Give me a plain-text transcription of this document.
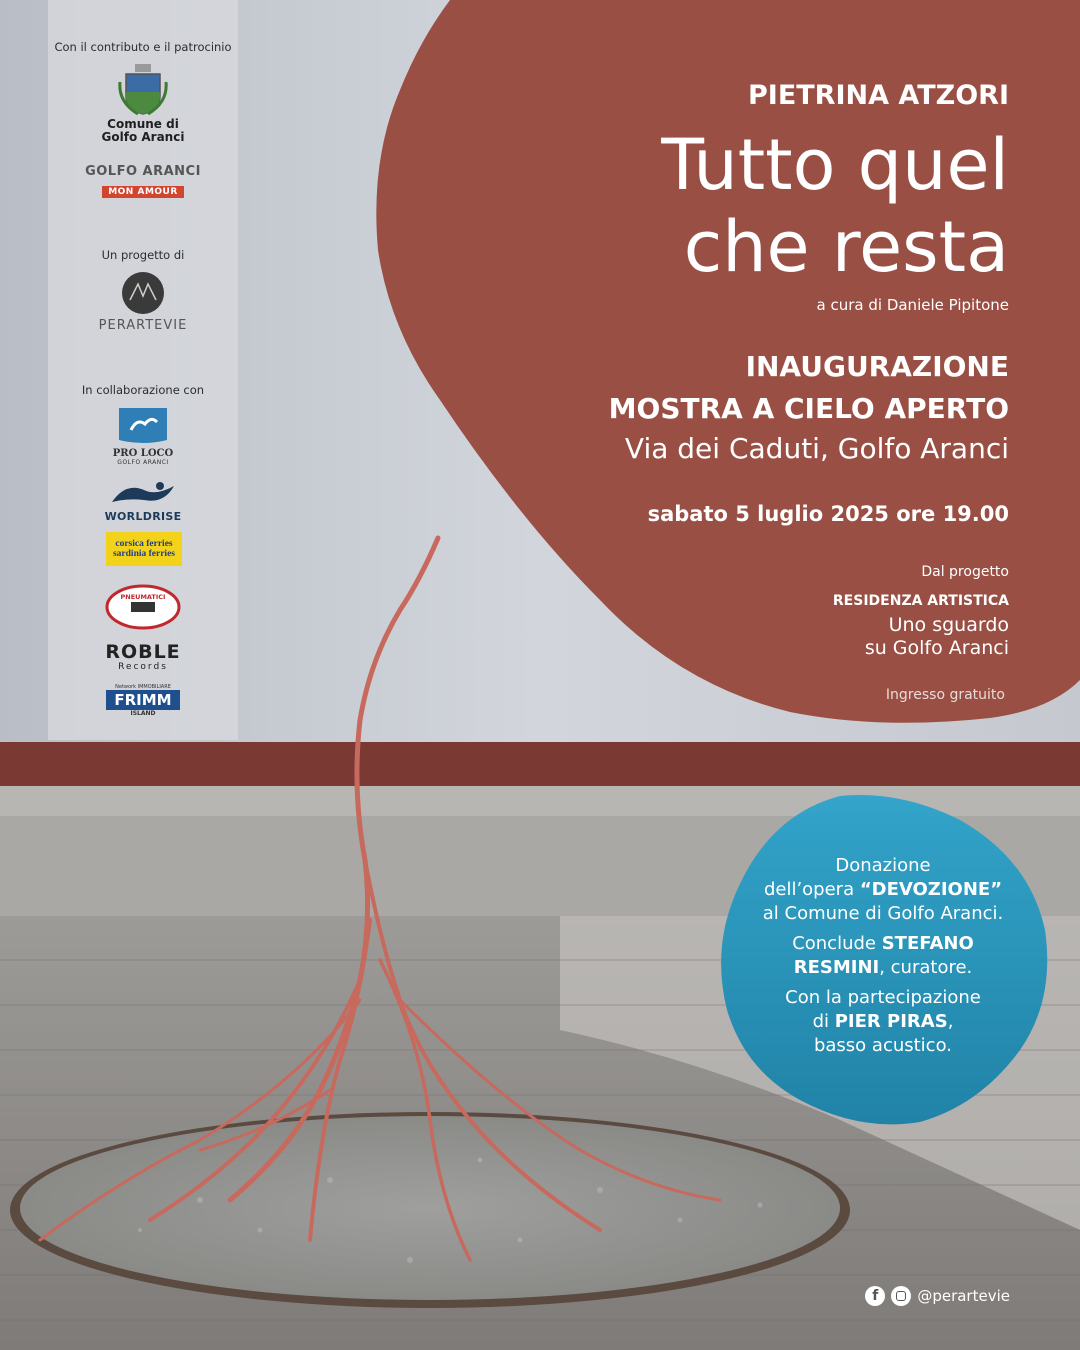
Con il contributo e il patrocinio
Comune di
Golfo Aranci
GOLFO ARANCI
MON AMOUR
Un progetto di
PERARTEVIE
In collaborazione con
PRO LOCO
GOLFO ARANCI
WORLDRISE
corsica ferries
sardinia ferries
PNEUMATICI
Fresu Formula
ROBLE
Records
Network IMMOBILIARE
FRIMM
ISLAND
PIETRINA ATZORI
Tutto quel
che resta
a cura di Daniele Pipitone
INAUGURAZIONE
MOSTRA A CIELO APERTO
Via dei Caduti, Golfo Aranci
sabato 5 luglio 2025 ore 19.00
Dal progetto
RESIDENZA ARTISTICA
Uno sguardo
su Golfo Aranci
Ingresso gratuito
Donazione
dell’opera “DEVOZIONE”
al Comune di Golfo Aranci.
Conclude STEFANO
RESMINI, curatore.
Con la partecipazione
di PIER PIRAS,
basso acustico.
f	@perartevie
